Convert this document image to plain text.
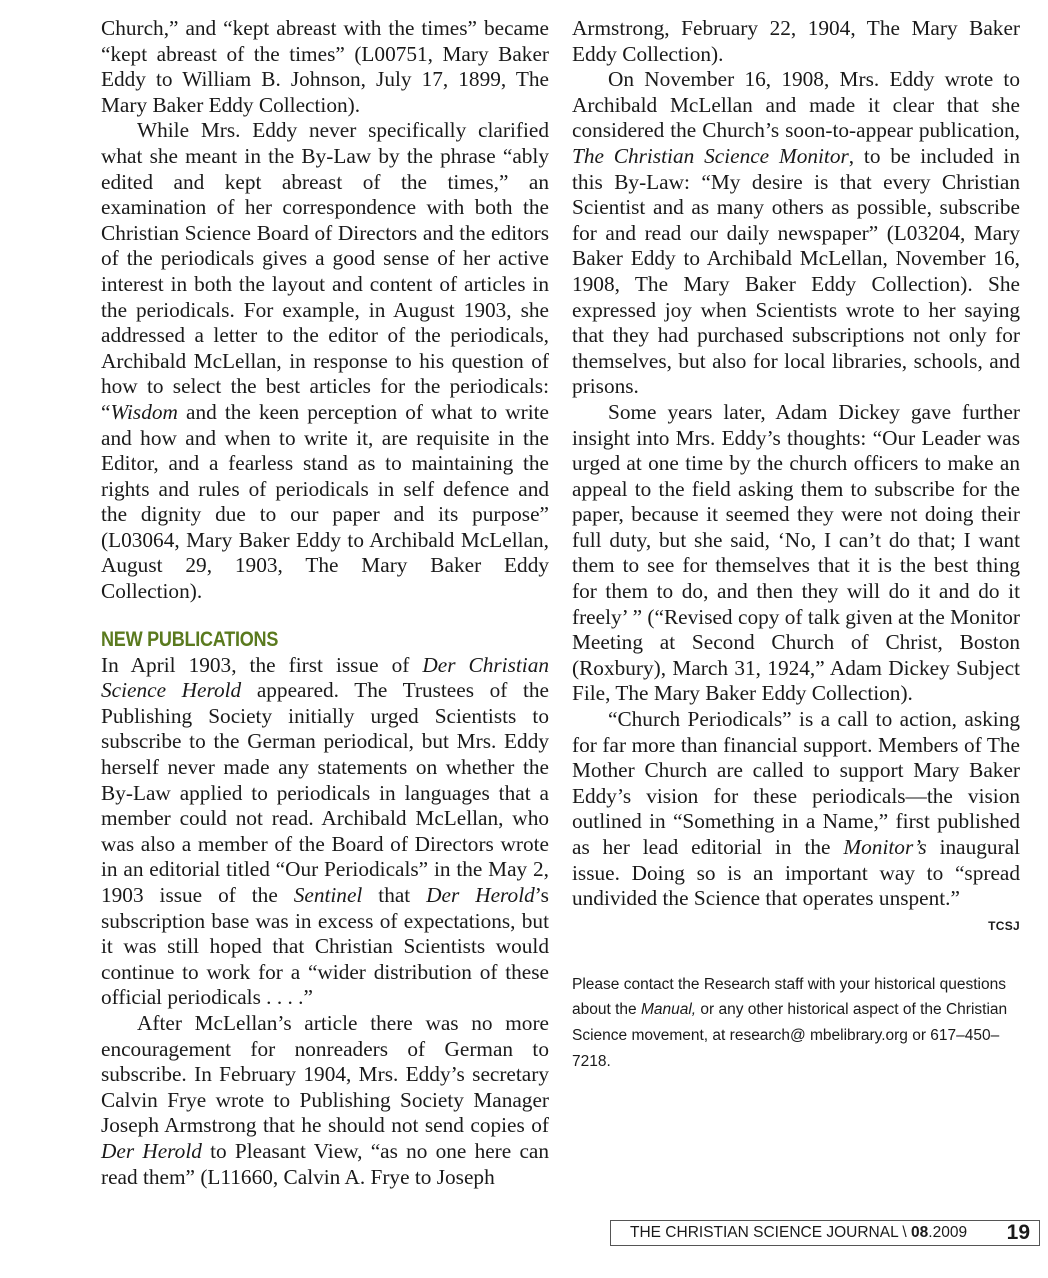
Church,” and “kept abreast with the times” became “kept abreast of the times” (L00751, Mary Baker Eddy to William B. Johnson, July 17, 1899, The Mary Baker Eddy Collection).

While Mrs. Eddy never specifically clarified what she meant in the By-Law by the phrase “ably edited and kept abreast of the times,” an examination of her correspondence with both the Christian Science Board of Directors and the editors of the periodicals gives a good sense of her active interest in both the layout and content of articles in the periodicals. For example, in August 1903, she addressed a letter to the editor of the periodicals, Archibald McLellan, in response to his question of how to select the best articles for the periodicals: “Wisdom and the keen perception of what to write and how and when to write it, are requisite in the Editor, and a fearless stand as to maintaining the rights and rules of periodicals in self defence and the dignity due to our paper and its purpose” (L03064, Mary Baker Eddy to Archibald McLellan, August 29, 1903, The Mary Baker Eddy Collection).

NEW PUBLICATIONS

In April 1903, the first issue of Der Christian Science Herold appeared. The Trustees of the Publishing Society initially urged Scientists to subscribe to the German periodical, but Mrs. Eddy herself never made any statements on whether the By-Law applied to periodicals in languages that a member could not read. Archibald McLellan, who was also a member of the Board of Directors wrote in an editorial titled “Our Periodicals” in the May 2, 1903 issue of the Sentinel that Der Herold’s subscription base was in excess of expectations, but it was still hoped that Christian Scientists would continue to work for a “wider distribution of these official periodicals . . . .”

After McLellan’s article there was no more encouragement for nonreaders of German to subscribe. In February 1904, Mrs. Eddy’s secretary Calvin Frye wrote to Publishing Society Manager Joseph Armstrong that he should not send copies of Der Herold to Pleasant View, “as no one here can read them” (L11660, Calvin A. Frye to Joseph

Armstrong, February 22, 1904, The Mary Baker Eddy Collection).

On November 16, 1908, Mrs. Eddy wrote to Archibald McLellan and made it clear that she considered the Church’s soon-to-appear publication, The Christian Science Monitor, to be included in this By-Law: “My desire is that every Christian Scientist and as many others as possible, subscribe for and read our daily newspaper” (L03204, Mary Baker Eddy to Archibald McLellan, November 16, 1908, The Mary Baker Eddy Collection). She expressed joy when Scientists wrote to her saying that they had purchased subscriptions not only for themselves, but also for local libraries, schools, and prisons.

Some years later, Adam Dickey gave further insight into Mrs. Eddy’s thoughts: “Our Leader was urged at one time by the church officers to make an appeal to the field asking them to subscribe for the paper, because it seemed they were not doing their full duty, but she said, ‘No, I can’t do that; I want them to see for themselves that it is the best thing for them to do, and then they will do it and do it freely’ ” (“Revised copy of talk given at the Monitor Meeting at Second Church of Christ, Boston (Roxbury), March 31, 1924,” Adam Dickey Subject File, The Mary Baker Eddy Collection).

“Church Periodicals” is a call to action, asking for far more than financial support. Members of The Mother Church are called to support Mary Baker Eddy’s vision for these periodicals—the vision outlined in “Something in a Name,” first published as her lead editorial in the Monitor’s inaugural issue. Doing so is an important way to “spread undivided the Science that operates unspent.”

TCSJ
Please contact the Research staff with your historical questions about the Manual, or any other historical aspect of the Christian Science movement, at research@ mbelibrary.org or 617–450–7218.
THE CHRISTIAN SCIENCE JOURNAL \ 08.2009 19
